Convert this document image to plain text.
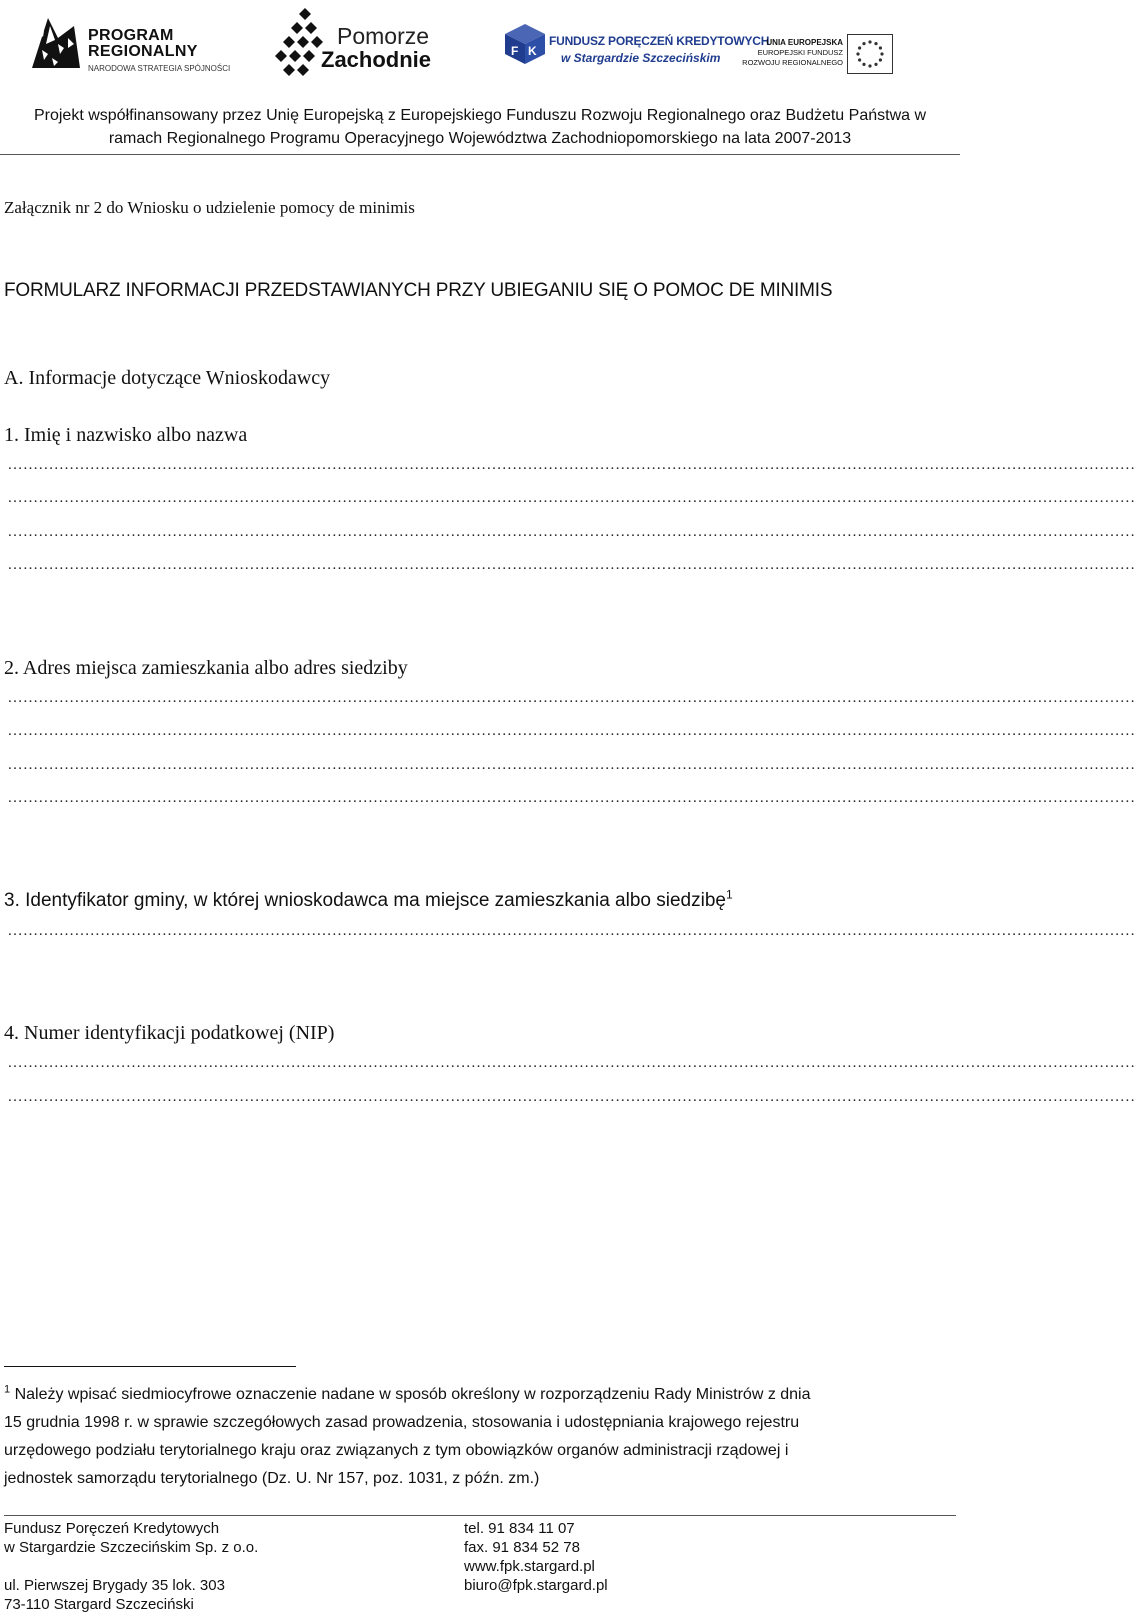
PROGRAM
REGIONALNY
NARODOWA STRATEGIA SPÓJNOŚCI
Pomorze
Zachodnie	F K
FUNDUSZ PORĘCZEŃ KREDYTOWYCH
w Stargardzie Szczecińskim
UNIA EUROPEJSKA
EUROPEJSKI FUNDUSZ
ROZWOJU REGIONALNEGO
Projekt współfinansowany przez Unię Europejską z Europejskiego Funduszu Rozwoju Regionalnego oraz Budżetu Państwa w
ramach Regionalnego Programu Operacyjnego Województwa Zachodniopomorskiego na lata 2007-2013
Załącznik nr 2 do Wniosku o udzielenie pomocy de minimis
FORMULARZ INFORMACJI PRZEDSTAWIANYCH PRZY UBIEGANIU SIĘ O POMOC DE MINIMIS
A. Informacje dotyczące Wnioskodawcy
1. Imię i nazwisko albo nazwa
...........................................................................................................................................................................................................................
...........................................................................................................................................................................................................................
...........................................................................................................................................................................................................................
...........................................................................................................................................................................................................................
2. Adres miejsca zamieszkania albo adres siedziby
...........................................................................................................................................................................................................................
...........................................................................................................................................................................................................................
...........................................................................................................................................................................................................................
...........................................................................................................................................................................................................................
3. Identyfikator gminy, w której wnioskodawca ma miejsce zamieszkania albo siedzibę$^1$
...........................................................................................................................................................................................................................
4. Numer identyfikacji podatkowej (NIP)
...........................................................................................................................................................................................................................
...........................................................................................................................................................................................................................
$^1$ Należy wpisać siedmiocyfrowe oznaczenie nadane w sposób określony w rozporządzeniu Rady Ministrów z dnia
15 grudnia 1998 r. w sprawie szczegółowych zasad prowadzenia, stosowania i udostępniania krajowego rejestru
urzędowego podziału terytorialnego kraju oraz związanych z tym obowiązków organów administracji rządowej i
jednostek samorządu terytorialnego (Dz. U. Nr 157, poz. 1031, z późn. zm.)
Fundusz Poręczeń Kredytowych
w Stargardzie Szczecińskim Sp. z o.o.

ul. Pierwszej Brygady 35 lok. 303
73-110 Stargard Szczeciński
tel. 91 834 11 07
fax. 91 834 52 78
www.fpk.stargard.pl
biuro@fpk.stargard.pl
